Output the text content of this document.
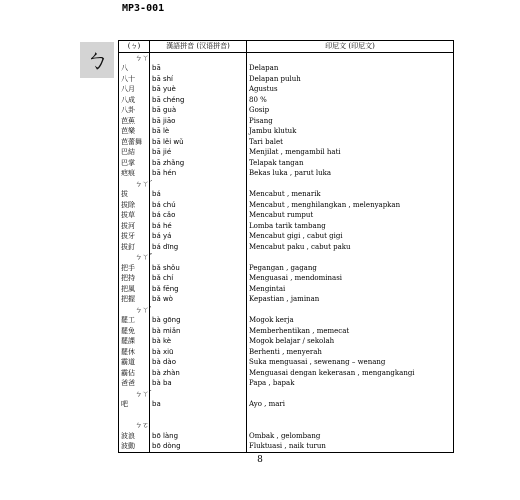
MP3-001
ㄅ	(ㄅ)	漢語拼音 (汉语拼音)	印尼文 (印尼文)
ㄅㄚ		
八	bā	Delapan
八十	bā shí	Delapan puluh
八月	bā yuè	Agustus
八成	bā chéng	80 %
八卦	bā guà	Gosip
芭蕉	bā jiāo	Pisang
芭樂	bā lè	Jambu klutuk
芭蕾舞	bā lěi wǔ	Tari balet
巴結	bā jié	Menjilat , mengambil hati
巴掌	bā zhǎng	Telapak tangan
疤痕	bā hén	Bekas luka , parut luka
ㄅㄚˊ		
拔	bá	Mencabut , menarik
拔除	bá chú	Mencabut , menghilangkan , melenyapkan
拔草	bá cǎo	Mencabut rumput
拔河	bá hé	Lomba tarik tambang
拔牙	bá yá	Mencabut gigi , cabut gigi
拔釘	bá dīng	Mencabut paku , cabut paku
ㄅㄚˇ		
把手	bǎ shǒu	Pegangan , gagang
把持	bǎ chí	Menguasai , mendominasi
把風	bǎ fēng	Mengintai
把握	bǎ wò	Kepastian , jaminan
ㄅㄚˋ		
罷工	bà gōng	Mogok kerja
罷免	bà miǎn	Memberhentikan , memecat
罷課	bà kè	Mogok belajar / sekolah
罷休	bà xiū	Berhenti , menyerah
霸道	bà dào	Suka menguasai , sewenang – wenang
霸佔	bà zhàn	Menguasai dengan kekerasan , mengangkangi
爸爸	bà ba	Papa , bapak
ㄅㄚ˙		
吧	ba	Ayo , mari

ㄅㄛ		
波浪	bō làng	Ombak , gelombang
波動	bō dòng	Fluktuasi , naik turun
8
